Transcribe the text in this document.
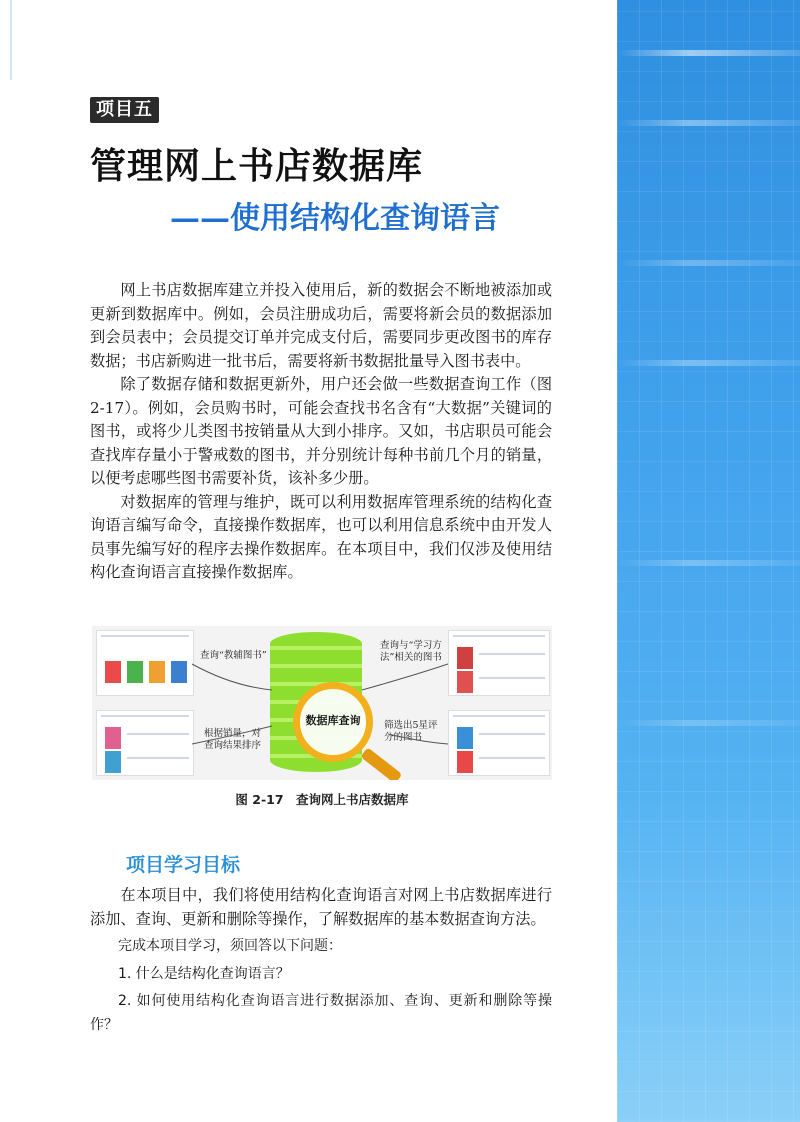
项目五
管理网上书店数据库
——使用结构化查询语言

网上书店数据库建立并投入使用后，新的数据会不断地被添加或更新到数据库中。例如，会员注册成功后，需要将新会员的数据添加到会员表中；会员提交订单并完成支付后，需要同步更改图书的库存数据；书店新购进一批书后，需要将新书数据批量导入图书表中。

除了数据存储和数据更新外，用户还会做一些数据查询工作（图 2-17）。例如，会员购书时，可能会查找书名含有“大数据”关键词的图书，或将少儿类图书按销量从大到小排序。又如，书店职员可能会查找库存量小于警戒数的图书，并分别统计每种书前几个月的销量，以便考虑哪些图书需要补货，该补多少册。

对数据库的管理与维护，既可以利用数据库管理系统的结构化查询语言编写命令，直接操作数据库，也可以利用信息系统中由开发人员事先编写好的程序去操作数据库。在本项目中，我们仅涉及使用结构化查询语言直接操作数据库。

数据库查询
查询“教辅图书”
查询与“学习方法”相关的图书
根据销量，对查询结果排序
筛选出5星评分的图书
图 2-17　查询网上书店数据库
项目学习目标

在本项目中，我们将使用结构化查询语言对网上书店数据库进行添加、查询、更新和删除等操作，了解数据库的基本数据查询方法。

完成本项目学习，须回答以下问题：

1. 什么是结构化查询语言？

2. 如何使用结构化查询语言进行数据添加、查询、更新和删除等操作？
